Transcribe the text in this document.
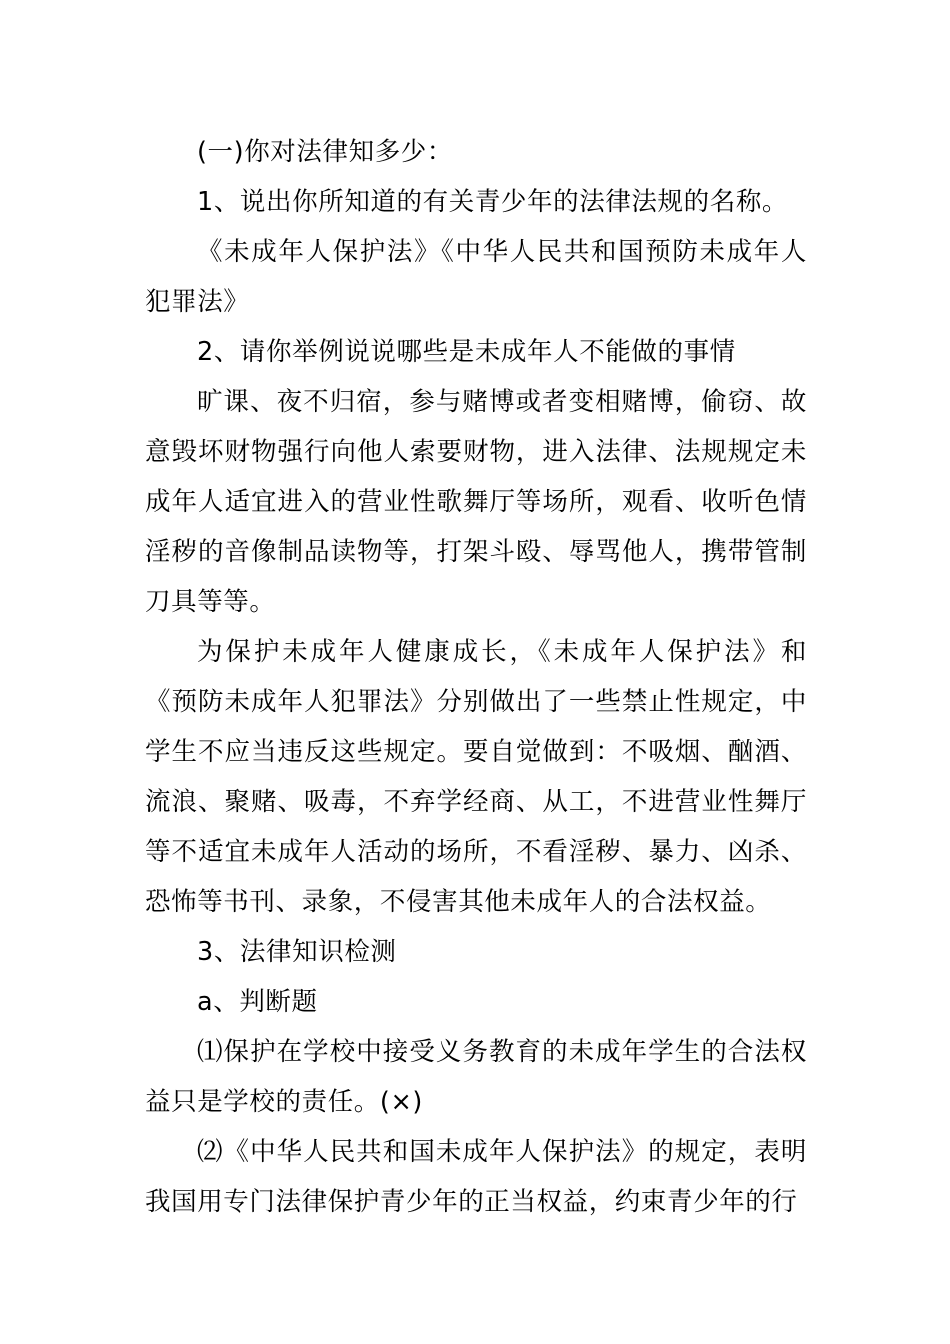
(一)你对法律知多少：

1、说出你所知道的有关青少年的法律法规的名称。

《未成年人保护法》《中华人民共和国预防未成年人犯罪法》

2、请你举例说说哪些是未成年人不能做的事情

旷课、夜不归宿，参与赌博或者变相赌博，偷窃、故意毁坏财物强行向他人索要财物，进入法律、法规规定未成年人适宜进入的营业性歌舞厅等场所，观看、收听色情淫秽的音像制品读物等，打架斗殴、辱骂他人，携带管制刀具等等。

为保护未成年人健康成长，《未成年人保护法》和《预防未成年人犯罪法》分别做出了一些禁止性规定，中学生不应当违反这些规定。要自觉做到：不吸烟、酗酒、流浪、聚赌、吸毒，不弃学经商、从工，不进营业性舞厅等不适宜未成年人活动的场所，不看淫秽、暴力、凶杀、恐怖等书刊、录象，不侵害其他未成年人的合法权益。

3、法律知识检测

a、判断题

⑴保护在学校中接受义务教育的未成年学生的合法权益只是学校的责任。(×)

⑵《中华人民共和国未成年人保护法》的规定，表明我国用专门法律保护青少年的正当权益，约束青少年的行
